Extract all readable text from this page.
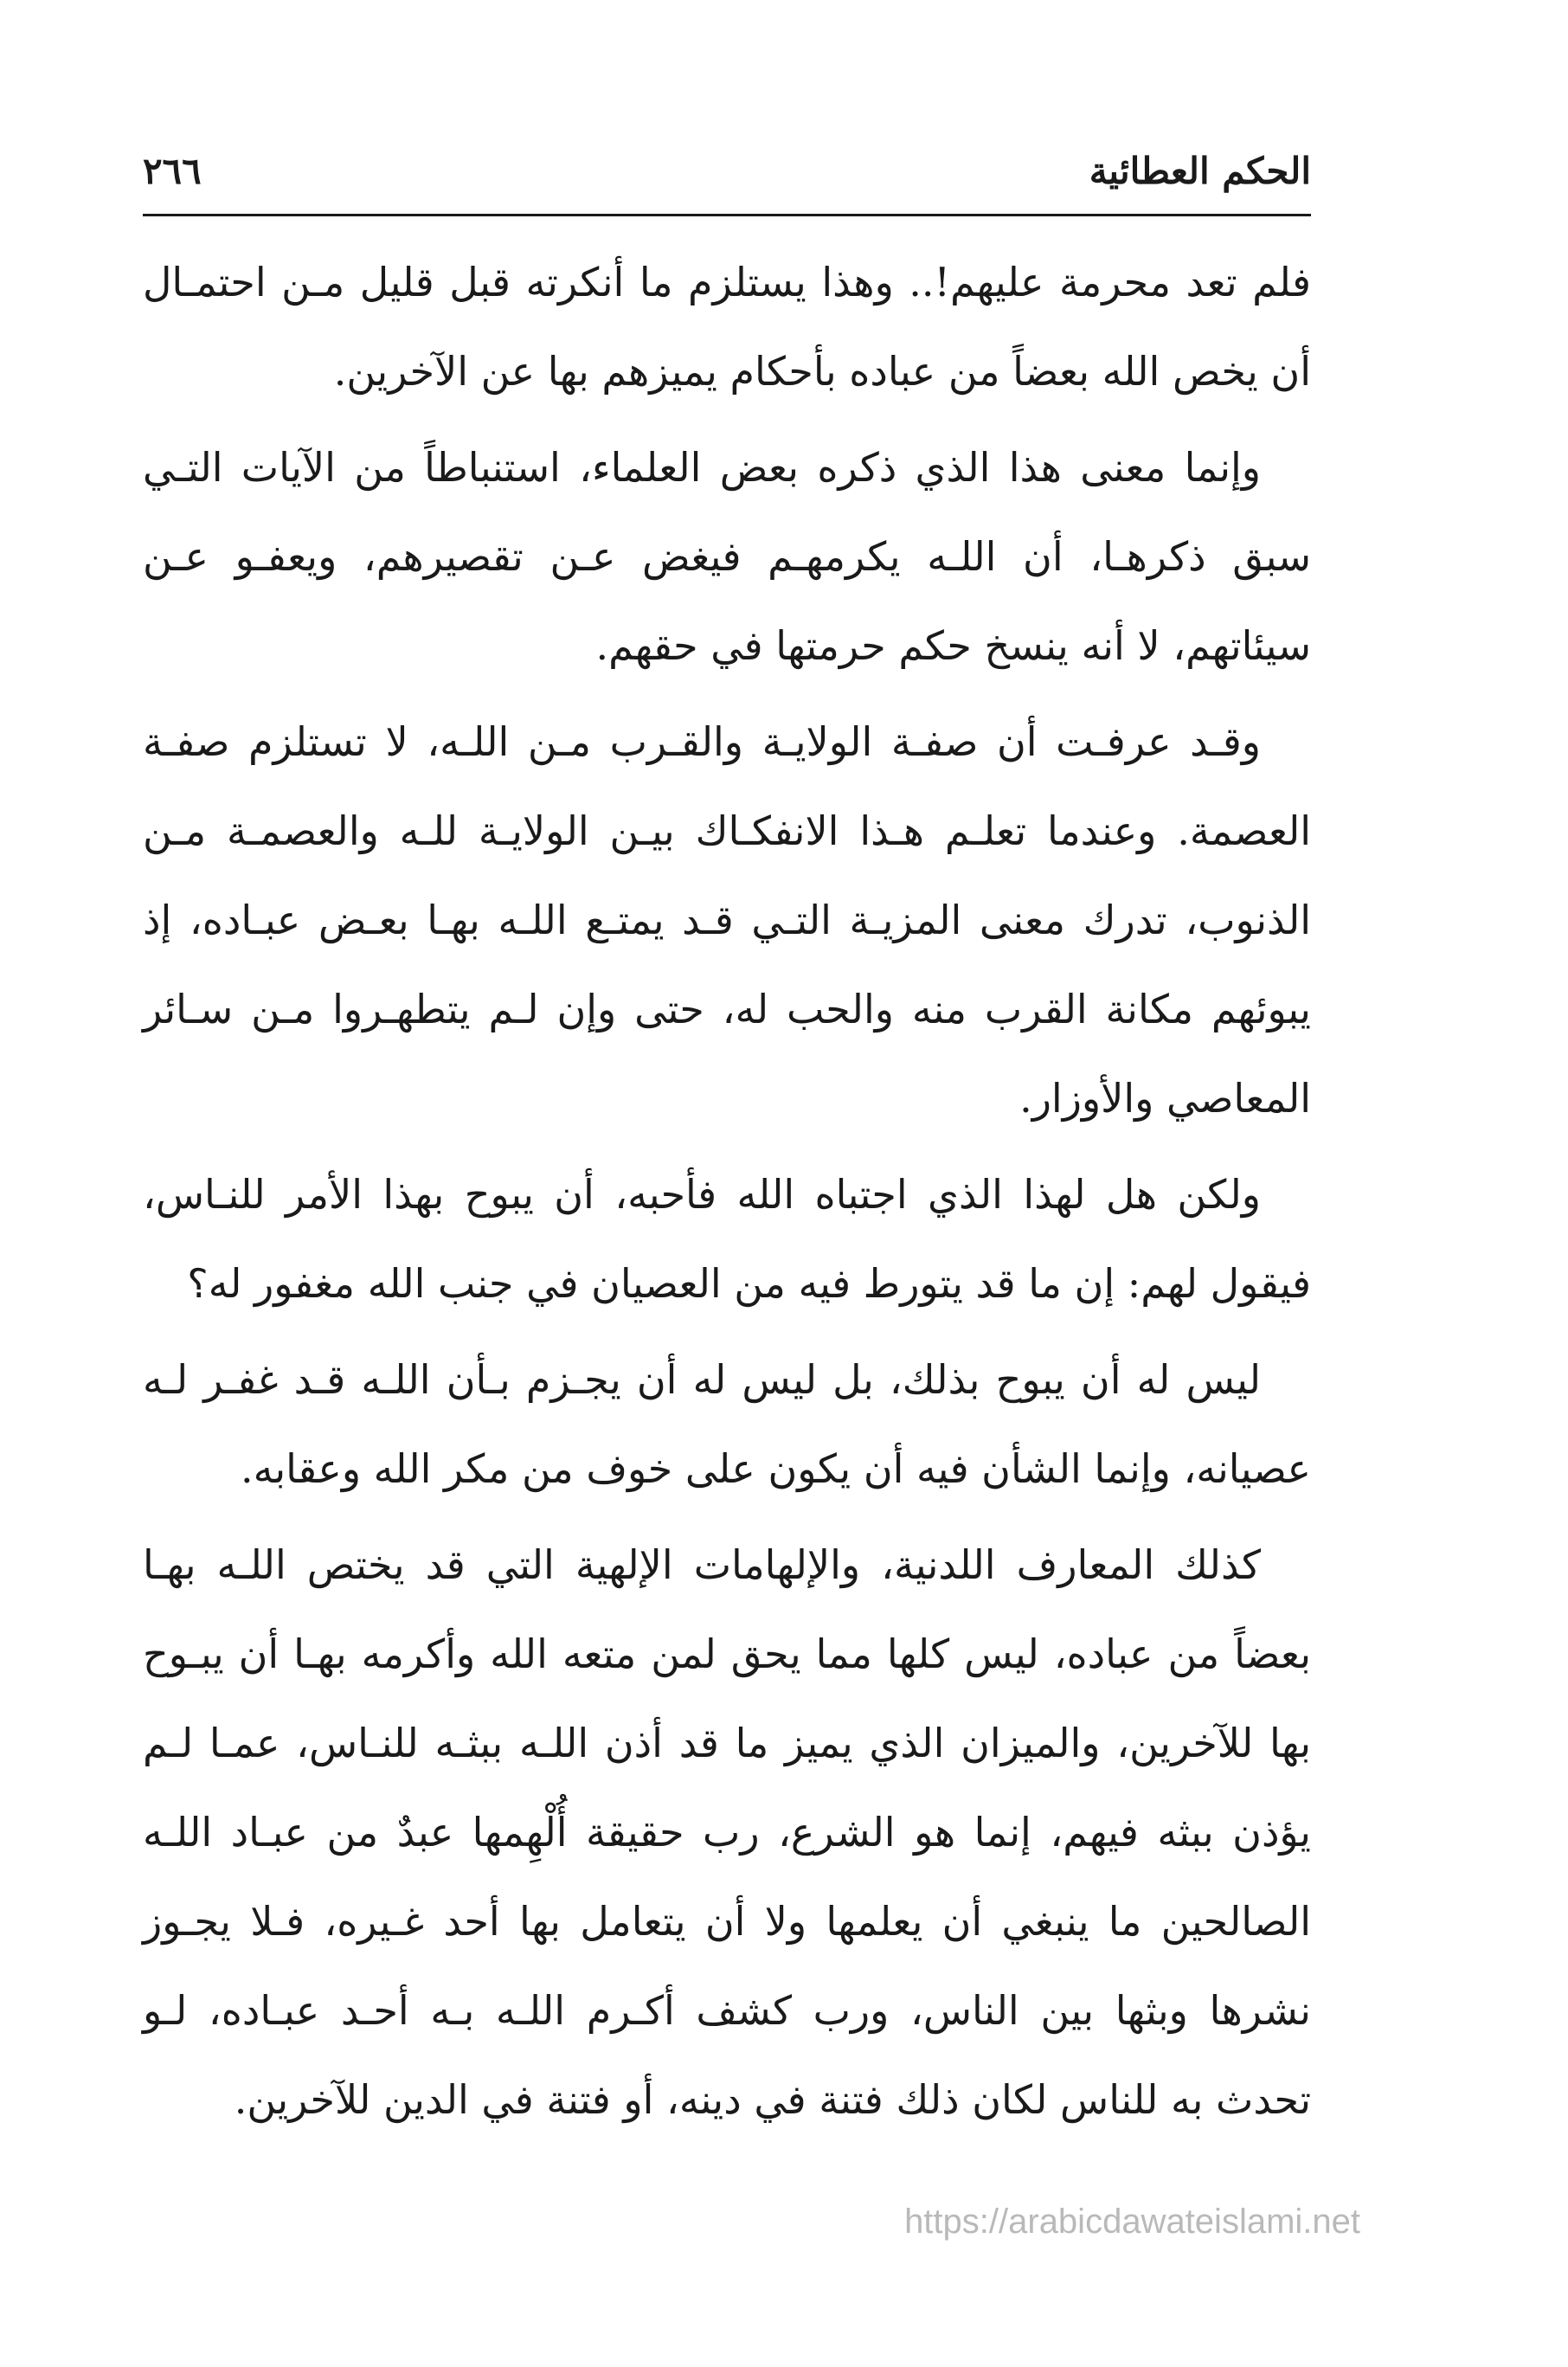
الحكم العطائية
٢٦٦

فلم تعد محرمة عليهم!.. وهذا يستلزم ما أنكرته قبل قليل مـن احتمـال أن يخص الله بعضاً من عباده بأحكام يميزهم بها عن الآخرين.

وإنما معنى هذا الذي ذكره بعض العلماء، استنباطاً من الآيات التـي سبق ذكرهـا، أن اللـه يكرمهـم فيغض عـن تقصيرهم، ويعفـو عـن سيئاتهم، لا أنه ينسخ حكم حرمتها في حقهم.

وقـد عرفـت أن صفـة الولايـة والقـرب مـن اللـه، لا تستلزم صفـة العصمة. وعندما تعلـم هـذا الانفكـاك بيـن الولايـة للـه والعصمـة مـن الذنوب، تدرك معنى المزيـة التـي قـد يمتـع اللـه بهـا بعـض عبـاده، إذ يبوئهم مكانة القرب منه والحب له، حتى وإن لـم يتطهـروا مـن سـائر المعاصي والأوزار.

ولكن هل لهذا الذي اجتباه الله فأحبه، أن يبوح بهذا الأمر للنـاس، فيقول لهم: إن ما قد يتورط فيه من العصيان في جنب الله مغفور له؟

ليس له أن يبوح بذلك، بل ليس له أن يجـزم بـأن اللـه قـد غفـر لـه عصيانه، وإنما الشأن فيه أن يكون على خوف من مكر الله وعقابه.

كذلك المعارف اللدنية، والإلهامات الإلهية التي قد يختص اللـه بهـا بعضاً من عباده، ليس كلها مما يحق لمن متعه الله وأكرمه بهـا أن يبـوح بها للآخرين، والميزان الذي يميز ما قد أذن اللـه ببثـه للنـاس، عمـا لـم يؤذن ببثه فيهم، إنما هو الشرع، رب حقيقة أُلْهِمها عبدٌ من عبـاد اللـه الصالحين ما ينبغي أن يعلمها ولا أن يتعامل بها أحد غـيره، فـلا يجـوز نشرها وبثها بين الناس، ورب كشف أكـرم اللـه بـه أحـد عبـاده، لـو تحدث به للناس لكان ذلك فتنة في دينه، أو فتنة في الدين للآخرين.

https://arabicdawateislami.net
